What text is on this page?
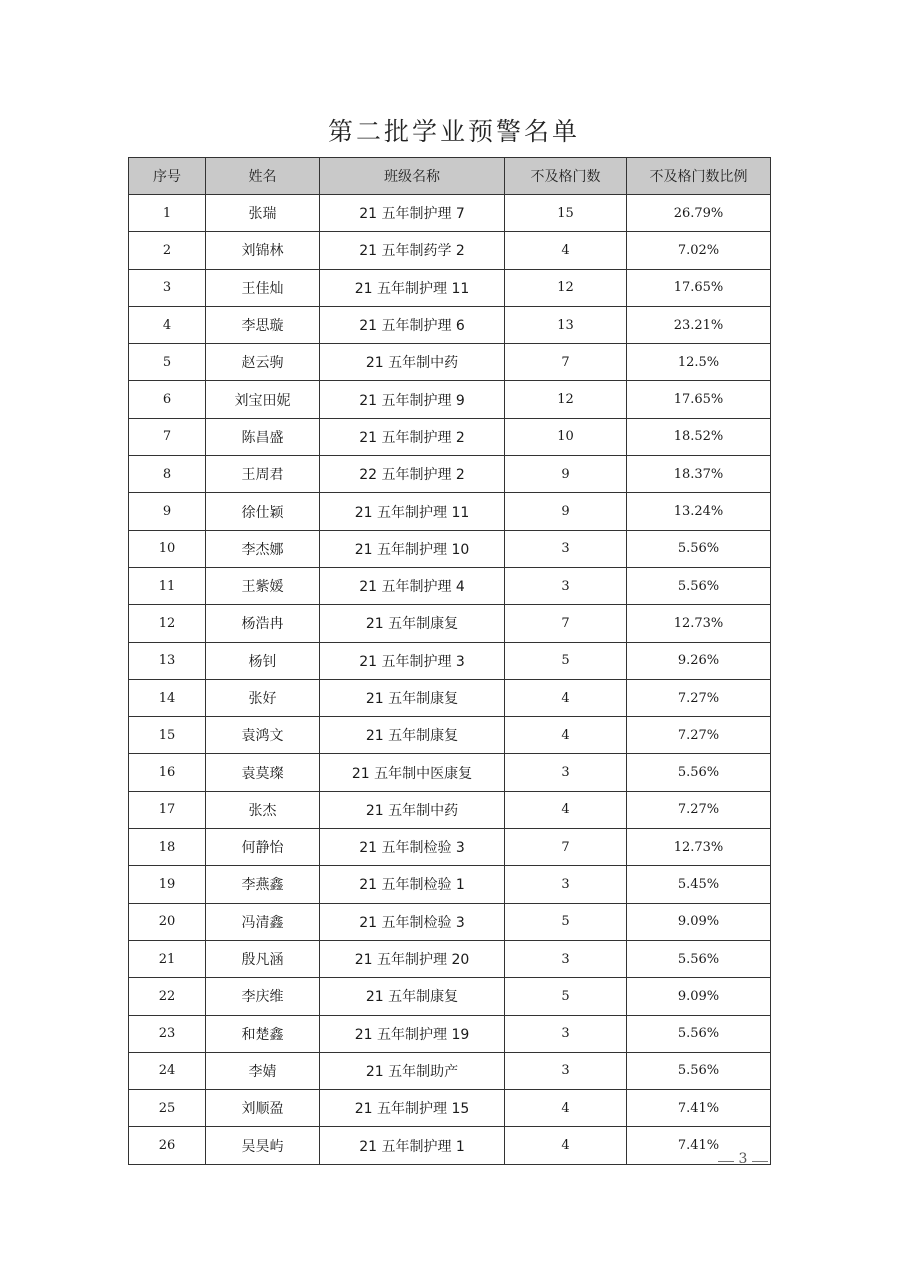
第二批学业预警名单
序号	姓名	班级名称	不及格门数	不及格门数比例
1	张瑞	21 五年制护理 7	15	26.79%
2	刘锦林	21 五年制药学 2	4	7.02%
3	王佳灿	21 五年制护理 11	12	17.65%
4	李思璇	21 五年制护理 6	13	23.21%
5	赵云驹	21 五年制中药	7	12.5%
6	刘宝田妮	21 五年制护理 9	12	17.65%
7	陈昌盛	21 五年制护理 2	10	18.52%
8	王周君	22 五年制护理 2	9	18.37%
9	徐仕颖	21 五年制护理 11	9	13.24%
10	李杰娜	21 五年制护理 10	3	5.56%
11	王紫媛	21 五年制护理 4	3	5.56%
12	杨浩冉	21 五年制康复	7	12.73%
13	杨钊	21 五年制护理 3	5	9.26%
14	张好	21 五年制康复	4	7.27%
15	袁鸿文	21 五年制康复	4	7.27%
16	袁莫璨	21 五年制中医康复	3	5.56%
17	张杰	21 五年制中药	4	7.27%
18	何静怡	21 五年制检验 3	7	12.73%
19	李燕鑫	21 五年制检验 1	3	5.45%
20	冯清鑫	21 五年制检验 3	5	9.09%
21	殷凡涵	21 五年制护理 20	3	5.56%
22	李庆维	21 五年制康复	5	9.09%
23	和楚鑫	21 五年制护理 19	3	5.56%
24	李婧	21 五年制助产	3	5.56%
25	刘顺盈	21 五年制护理 15	4	7.41%
26	吴昊屿	21 五年制护理 1	4	7.41%
3
